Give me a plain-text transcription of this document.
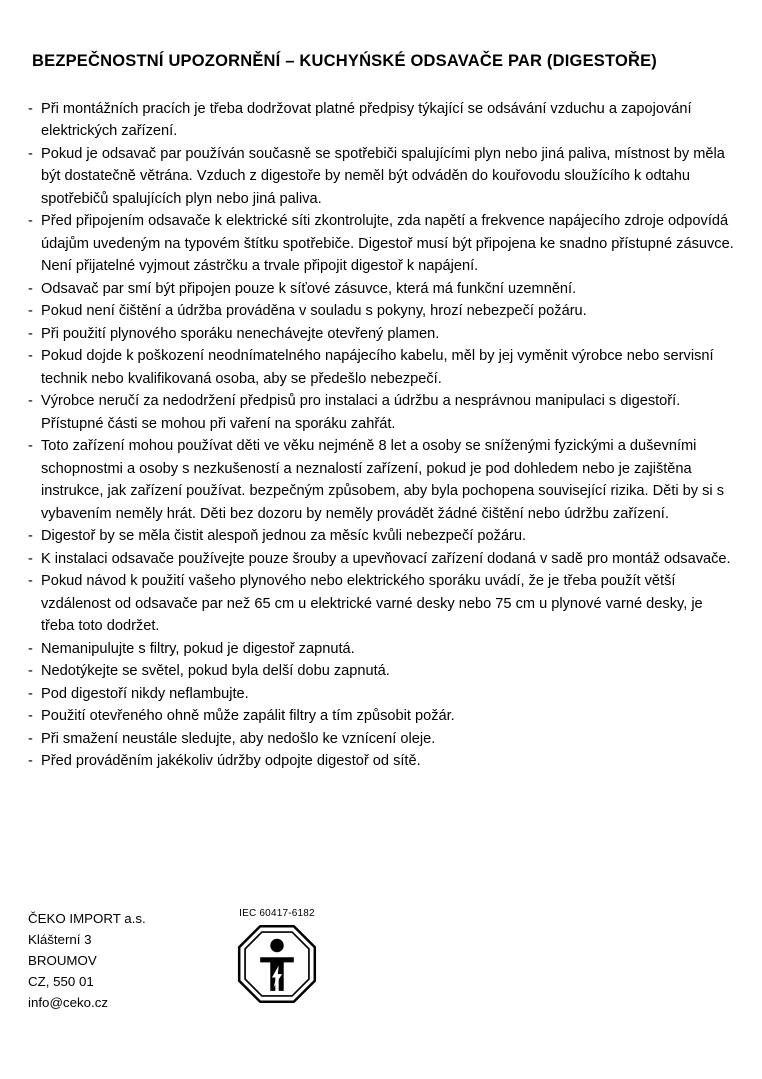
BEZPEČNOSTNÍ UPOZORNĚNÍ – KUCHYŃSKÉ ODSAVAČE PAR (DIGESTOŘE)
- Při montážních pracích je třeba dodržovat platné předpisy týkající se odsávání vzduchu a zapojování elektrických zařízení.
- Pokud je odsavač par používán současně se spotřebiči spalujícími plyn nebo jiná paliva, místnost by měla být dostatečně větrána. Vzduch z digestoře by neměl být odváděn do kouřovodu sloužícího k odtahu spotřebičů spalujících plyn nebo jiná paliva.
- Před připojením odsavače k elektrické síti zkontrolujte, zda napětí a frekvence napájecího zdroje odpovídá údajům uvedeným na typovém štítku spotřebiče. Digestoř musí být připojena ke snadno přístupné zásuvce. Není přijatelné vyjmout zástrčku a trvale připojit digestoř k napájení.
- Odsavač par smí být připojen pouze k síťové zásuvce, která má funkční uzemnění.
- Pokud není čištění a údržba prováděna v souladu s pokyny, hrozí nebezpečí požáru.
- Při použití plynového sporáku nenechávejte otevřený plamen.
- Pokud dojde k poškození neodnímatelného napájecího kabelu, měl by jej vyměnit výrobce nebo servisní technik nebo kvalifikovaná osoba, aby se předešlo nebezpečí.
- Výrobce neručí za nedodržení předpisů pro instalaci a údržbu a nesprávnou manipulaci s digestoří. Přístupné části se mohou při vaření na sporáku zahřát.
- Toto zařízení mohou používat děti ve věku nejméně 8 let a osoby se sníženými fyzickými a duševními schopnostmi a osoby s nezkušeností a neznalostí zařízení, pokud je pod dohledem nebo je zajištěna instrukce, jak zařízení používat. bezpečným způsobem, aby byla pochopena související rizika. Děti by si s vybavením neměly hrát. Děti bez dozoru by neměly provádět žádné čištění nebo údržbu zařízení.
- Digestoř by se měla čistit alespoň jednou za měsíc kvůli nebezpečí požáru.
- K instalaci odsavače používejte pouze šrouby a upevňovací zařízení dodaná v sadě pro montáž odsavače.
- Pokud návod k použití vašeho plynového nebo elektrického sporáku uvádí, že je třeba použít větší vzdálenost od odsavače par než 65 cm u elektrické varné desky nebo 75 cm u plynové varné desky, je třeba toto dodržet.
- Nemanipulujte s filtry, pokud je digestoř zapnutá.
- Nedotýkejte se světel, pokud byla delší dobu zapnutá.
- Pod digestoří nikdy neflambujte.
- Použití otevřeného ohně může zapálit filtry a tím způsobit požár.
- Při smažení neustále sledujte, aby nedošlo ke vznícení oleje.
- Před prováděním jakékoliv údržby odpojte digestoř od sítě.
ČEKO IMPORT a.s.
Klášterní 3
BROUMOV
CZ, 550 01
info@ceko.cz
IEC 60417-6182
